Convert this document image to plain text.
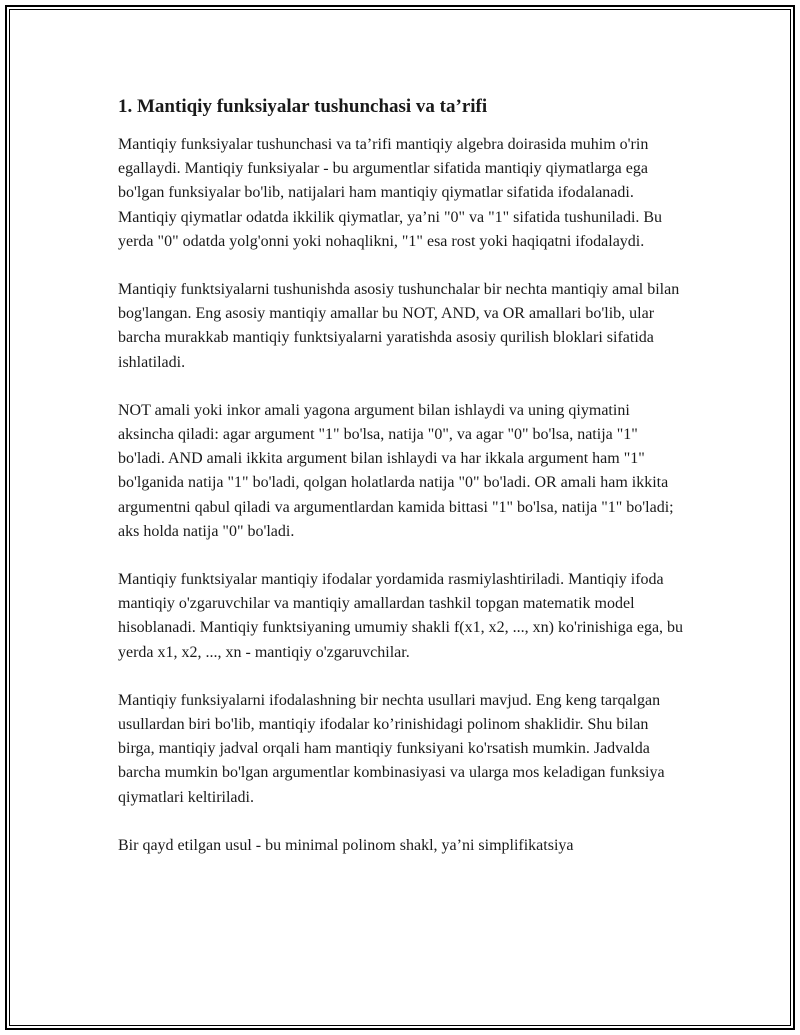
1. Mantiqiy funksiyalar tushunchasi va ta’rifi

Mantiqiy funksiyalar tushunchasi va ta’rifi mantiqiy algebra doirasida muhim o'rin egallaydi. Mantiqiy funksiyalar - bu argumentlar sifatida mantiqiy qiymatlarga ega bo'lgan funksiyalar bo'lib, natijalari ham mantiqiy qiymatlar sifatida ifodalanadi. Mantiqiy qiymatlar odatda ikkilik qiymatlar, ya’ni "0" va "1" sifatida tushuniladi. Bu yerda "0" odatda yolg'onni yoki nohaqlikni, "1" esa rost yoki haqiqatni ifodalaydi.

Mantiqiy funktsiyalarni tushunishda asosiy tushunchalar bir nechta mantiqiy amal bilan bog'langan. Eng asosiy mantiqiy amallar bu NOT, AND, va OR amallari bo'lib, ular barcha murakkab mantiqiy funktsiyalarni yaratishda asosiy qurilish bloklari sifatida ishlatiladi.

NOT amali yoki inkor amali yagona argument bilan ishlaydi va uning qiymatini aksincha qiladi: agar argument "1" bo'lsa, natija "0", va agar "0" bo'lsa, natija "1" bo'ladi. AND amali ikkita argument bilan ishlaydi va har ikkala argument ham "1" bo'lganida natija "1" bo'ladi, qolgan holatlarda natija "0" bo'ladi. OR amali ham ikkita argumentni qabul qiladi va argumentlardan kamida bittasi "1" bo'lsa, natija "1" bo'ladi; aks holda natija "0" bo'ladi.

Mantiqiy funktsiyalar mantiqiy ifodalar yordamida rasmiylashtiriladi. Mantiqiy ifoda mantiqiy o'zgaruvchilar va mantiqiy amallardan tashkil topgan matematik model hisoblanadi. Mantiqiy funktsiyaning umumiy shakli f(x1, x2, ..., xn) ko'rinishiga ega, bu yerda x1, x2, ..., xn - mantiqiy o'zgaruvchilar.

Mantiqiy funksiyalarni ifodalashning bir nechta usullari mavjud. Eng keng tarqalgan usullardan biri bo'lib, mantiqiy ifodalar ko’rinishidagi polinom shaklidir. Shu bilan birga, mantiqiy jadval orqali ham mantiqiy funksiyani ko'rsatish mumkin. Jadvalda barcha mumkin bo'lgan argumentlar kombinasiyasi va ularga mos keladigan funksiya qiymatlari keltiriladi.

Bir qayd etilgan usul - bu minimal polinom shakl, ya’ni simplifikatsiya
